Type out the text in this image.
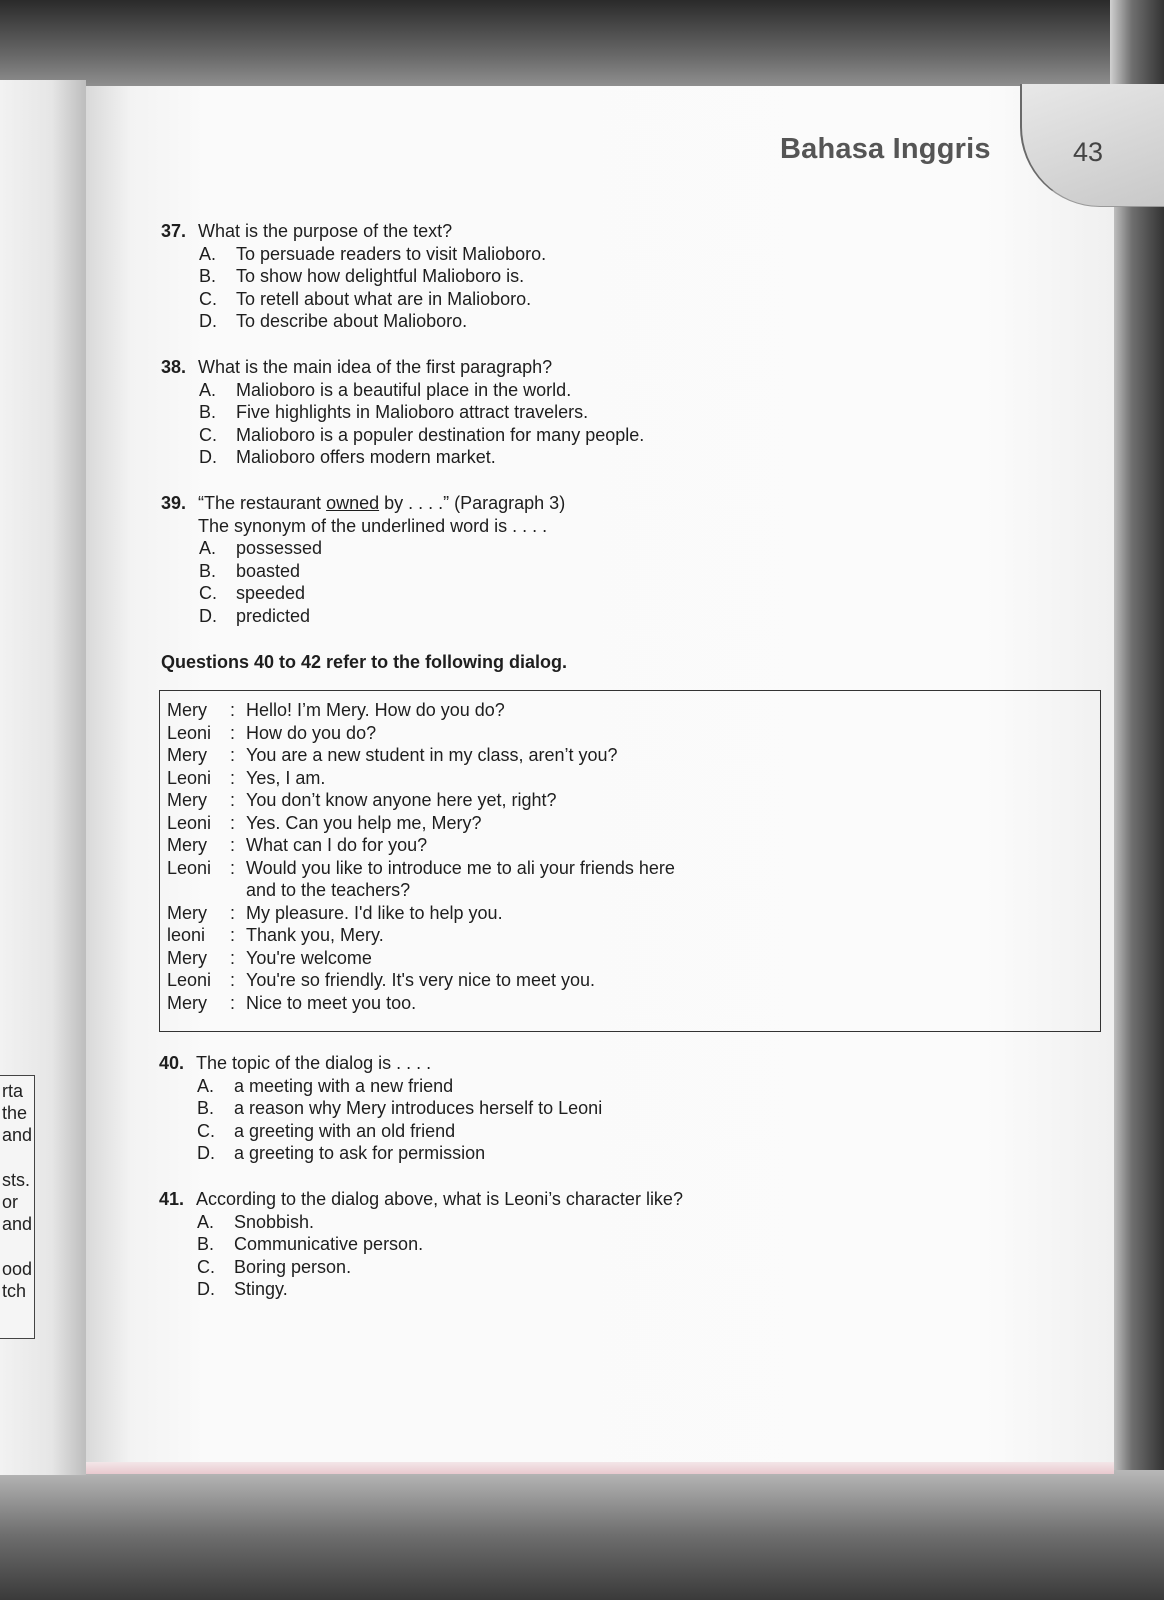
rta
the
and
sts.
or
and
ood
tch
Bahasa Inggris	43
37. What is the purpose of the text?
A. To persuade readers to visit Malioboro.
B. To show how delightful Malioboro is.
C. To retell about what are in Malioboro.
D. To describe about Malioboro.
38. What is the main idea of the first paragraph?
A. Malioboro is a beautiful place in the world.
B. Five highlights in Malioboro attract travelers.
C. Malioboro is a populer destination for many people.
D. Malioboro offers modern market.
39. “The restaurant owned by . . . .” (Paragraph 3)
The synonym of the underlined word is . . . .
A. possessed
B. boasted
C. speeded
D. predicted
Questions 40 to 42 refer to the following dialog.
Mery	: Hello! I’m Mery. How do you do?
Leoni	: How do you do?
Mery	: You are a new student in my class, aren’t you?
Leoni	: Yes, I am.
Mery	: You don’t know anyone here yet, right?
Leoni	: Yes. Can you help me, Mery?
Mery	: What can I do for you?
Leoni	: Would you like to introduce me to ali your friends here
and to the teachers?
Mery	: My pleasure. I'd like to help you.
leoni	: Thank you, Mery.
Mery	: You're welcome
Leoni	: You're so friendly. It's very nice to meet you.
Mery	: Nice to meet you too.
40. The topic of the dialog is . . . .
A. a meeting with a new friend
B. a reason why Mery introduces herself to Leoni
C. a greeting with an old friend
D. a greeting to ask for permission
41. According to the dialog above, what is Leoni’s character like?
A. Snobbish.
B. Communicative person.
C. Boring person.
D. Stingy.
